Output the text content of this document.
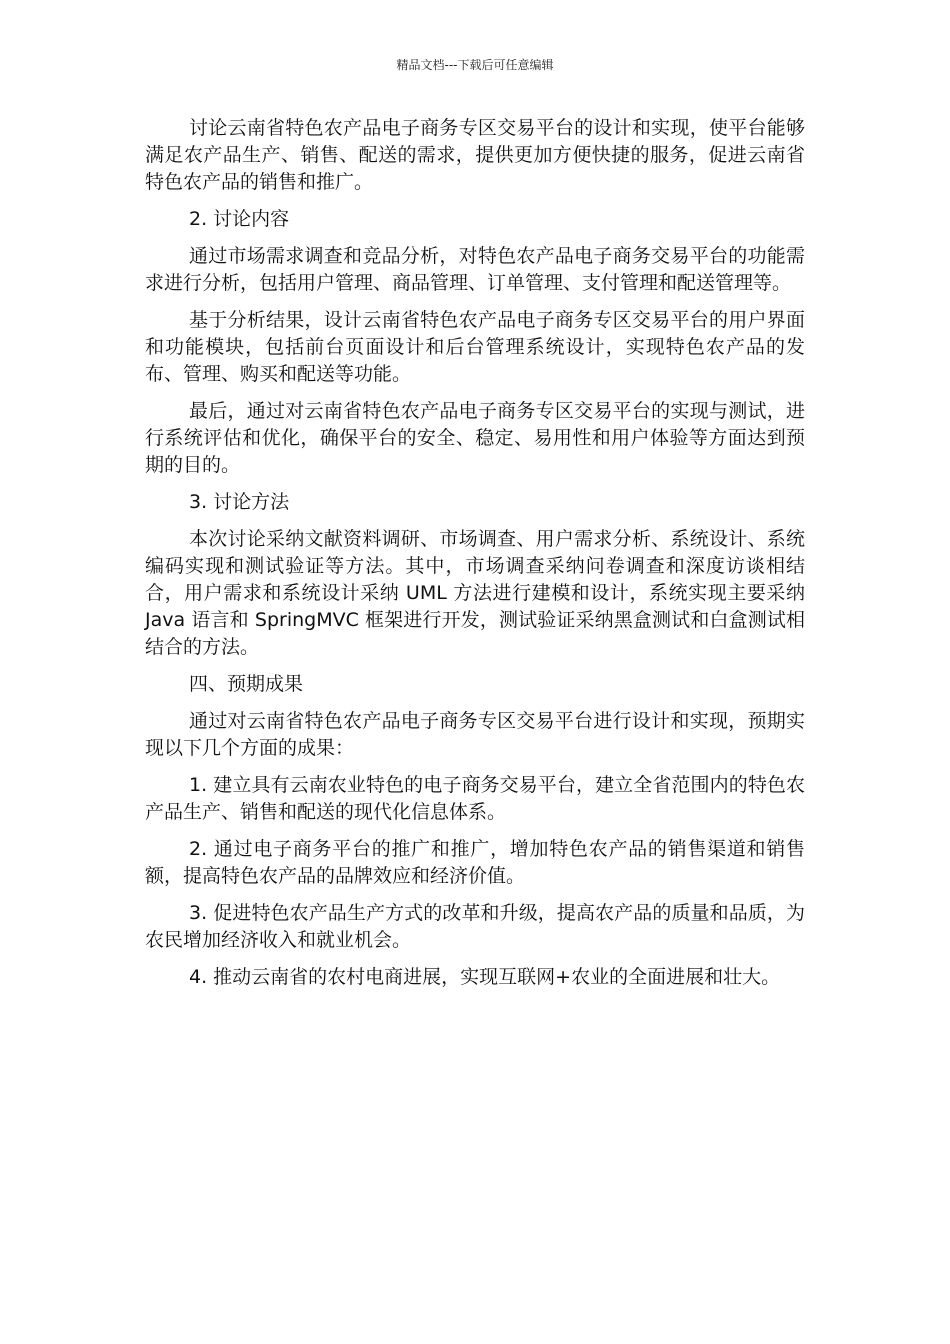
精品文档---下载后可任意编辑

讨论云南省特色农产品电子商务专区交易平台的设计和实现，使平台能够满足农产品生产、销售、配送的需求，提供更加方便快捷的服务，促进云南省特色农产品的销售和推广。

2. 讨论内容

通过市场需求调查和竞品分析，对特色农产品电子商务交易平台的功能需求进行分析，包括用户管理、商品管理、订单管理、支付管理和配送管理等。

基于分析结果，设计云南省特色农产品电子商务专区交易平台的用户界面和功能模块，包括前台页面设计和后台管理系统设计，实现特色农产品的发布、管理、购买和配送等功能。

最后，通过对云南省特色农产品电子商务专区交易平台的实现与测试，进行系统评估和优化，确保平台的安全、稳定、易用性和用户体验等方面达到预期的目的。

3. 讨论方法

本次讨论采纳文献资料调研、市场调查、用户需求分析、系统设计、系统编码实现和测试验证等方法。其中，市场调查采纳问卷调查和深度访谈相结合，用户需求和系统设计采纳 UML 方法进行建模和设计，系统实现主要采纳 Java 语言和 SpringMVC 框架进行开发，测试验证采纳黑盒测试和白盒测试相结合的方法。

四、预期成果

通过对云南省特色农产品电子商务专区交易平台进行设计和实现，预期实现以下几个方面的成果：

1. 建立具有云南农业特色的电子商务交易平台，建立全省范围内的特色农产品生产、销售和配送的现代化信息体系。

2. 通过电子商务平台的推广和推广，增加特色农产品的销售渠道和销售额，提高特色农产品的品牌效应和经济价值。

3. 促进特色农产品生产方式的改革和升级，提高农产品的质量和品质，为农民增加经济收入和就业机会。

4. 推动云南省的农村电商进展，实现互联网+农业的全面进展和壮大。
